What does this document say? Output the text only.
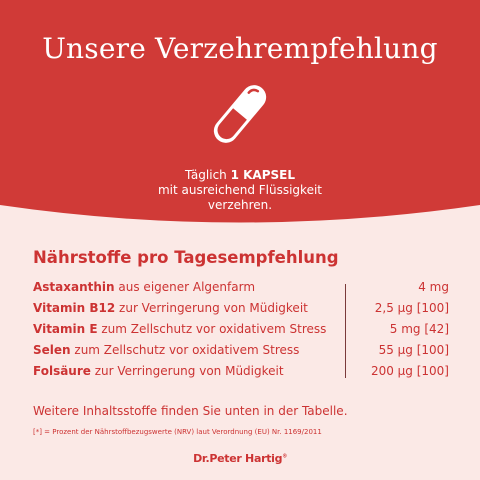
Unsere Verzehrempfehlung
Täglich 1 KAPSEL
mit ausreichend Flüssigkeit
verzehren.
Nährstoffe pro Tagesempfehlung
Astaxanthin aus eigener Algenfarm	4 mg
Vitamin B12 zur Verringerung von Müdigkeit	2,5 µg [100]
Vitamin E zum Zellschutz vor oxidativem Stress	5 mg [42]
Selen zum Zellschutz vor oxidativem Stress	55 µg [100]
Folsäure zur Verringerung von Müdigkeit	200 µg [100]
Weitere Inhaltsstoffe finden Sie unten in der Tabelle.
[*] = Prozent der Nährstoffbezugswerte (NRV) laut Verordnung (EU) Nr. 1169/2011
Dr.Peter Hartig®
